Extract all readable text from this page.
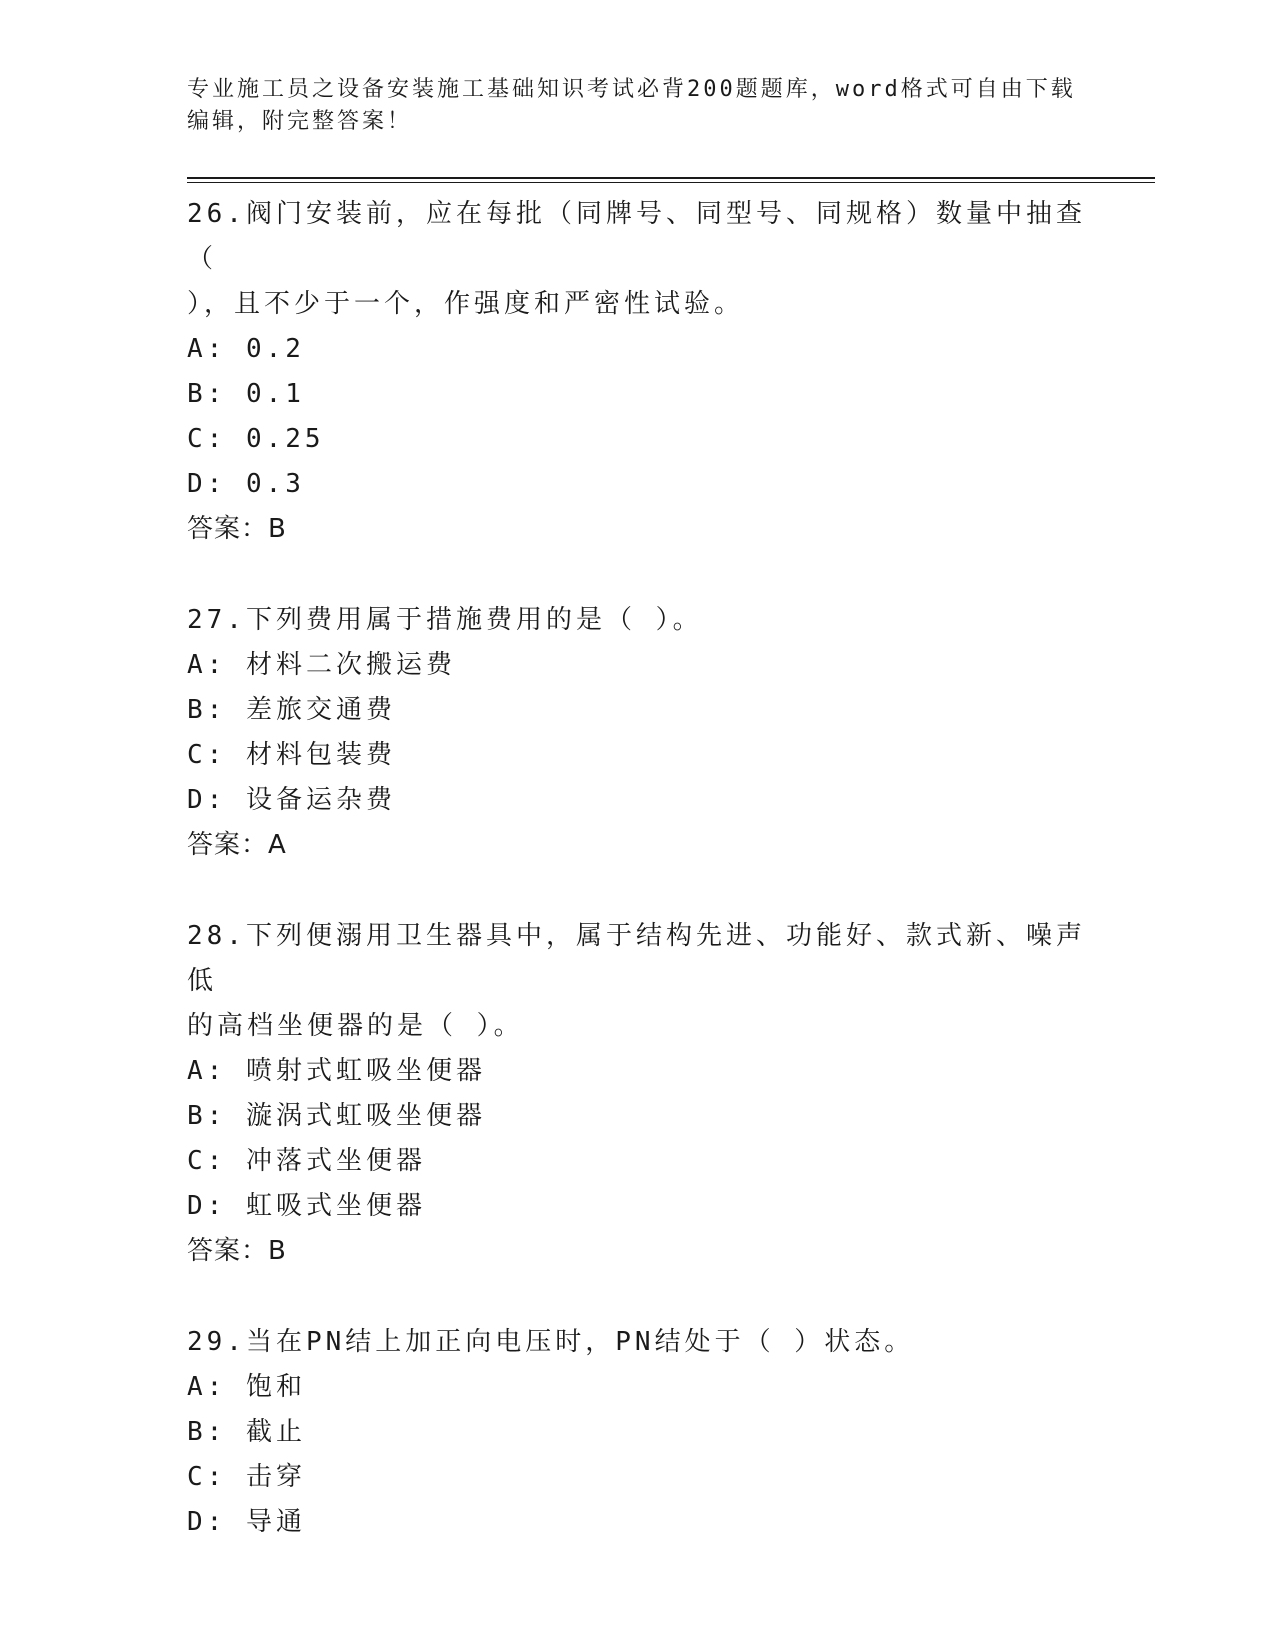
专业施工员之设备安装施工基础知识考试必背200题题库，word格式可自由下载
编辑，附完整答案！
26.阀门安装前，应在每批（同牌号、同型号、同规格）数量中抽查（
），且不少于一个，作强度和严密性试验。
A: 0.2
B: 0.1
C: 0.25
D: 0.3
答案：B
27.下列费用属于措施费用的是（ ）。
A: 材料二次搬运费
B: 差旅交通费
C: 材料包装费
D: 设备运杂费
答案：A
28.下列便溺用卫生器具中，属于结构先进、功能好、款式新、噪声低
的高档坐便器的是（ ）。
A: 喷射式虹吸坐便器
B: 漩涡式虹吸坐便器
C: 冲落式坐便器
D: 虹吸式坐便器
答案：B
29.当在PN结上加正向电压时，PN结处于（ ）状态。
A: 饱和
B: 截止
C: 击穿
D: 导通
